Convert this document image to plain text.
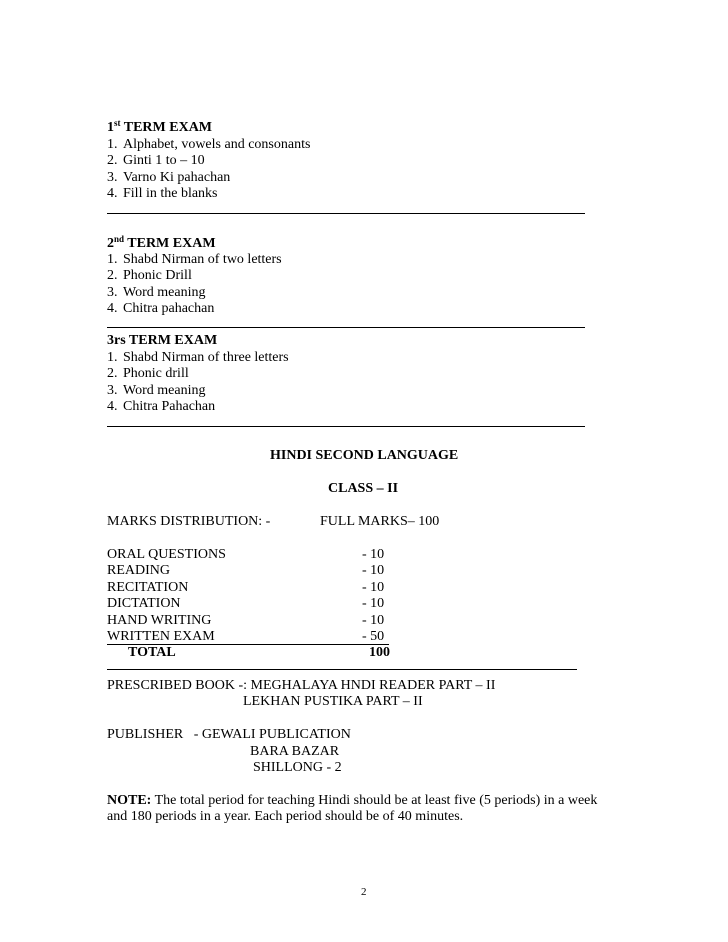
1st TERM EXAM
1. Alphabet, vowels and consonants
2. Ginti 1 to – 10
3. Varno Ki pahachan
4. Fill in the blanks
2nd TERM EXAM
1. Shabd Nirman of two letters
2. Phonic Drill
3. Word meaning
4. Chitra pahachan
3rs TERM EXAM
1. Shabd Nirman of three letters
2. Phonic drill
3. Word meaning
4. Chitra Pahachan
HINDI SECOND LANGUAGE
CLASS – II
MARKS DISTRIBUTION: -	FULL MARKS– 100
ORAL QUESTIONS	- 10
READING	- 10
RECITATION	- 10
DICTATION	- 10
HAND WRITING	- 10
WRITTEN EXAM	- 50
TOTAL	100
PRESCRIBED BOOK -: MEGHALAYA HNDI READER PART – II
LEKHAN PUSTIKA PART – II
PUBLISHER   - GEWALI PUBLICATION
BARA BAZAR
SHILLONG - 2
NOTE: The total period for teaching Hindi should be at least five (5 periods) in a week
and 180 periods in a year. Each period should be of 40 minutes.
2
